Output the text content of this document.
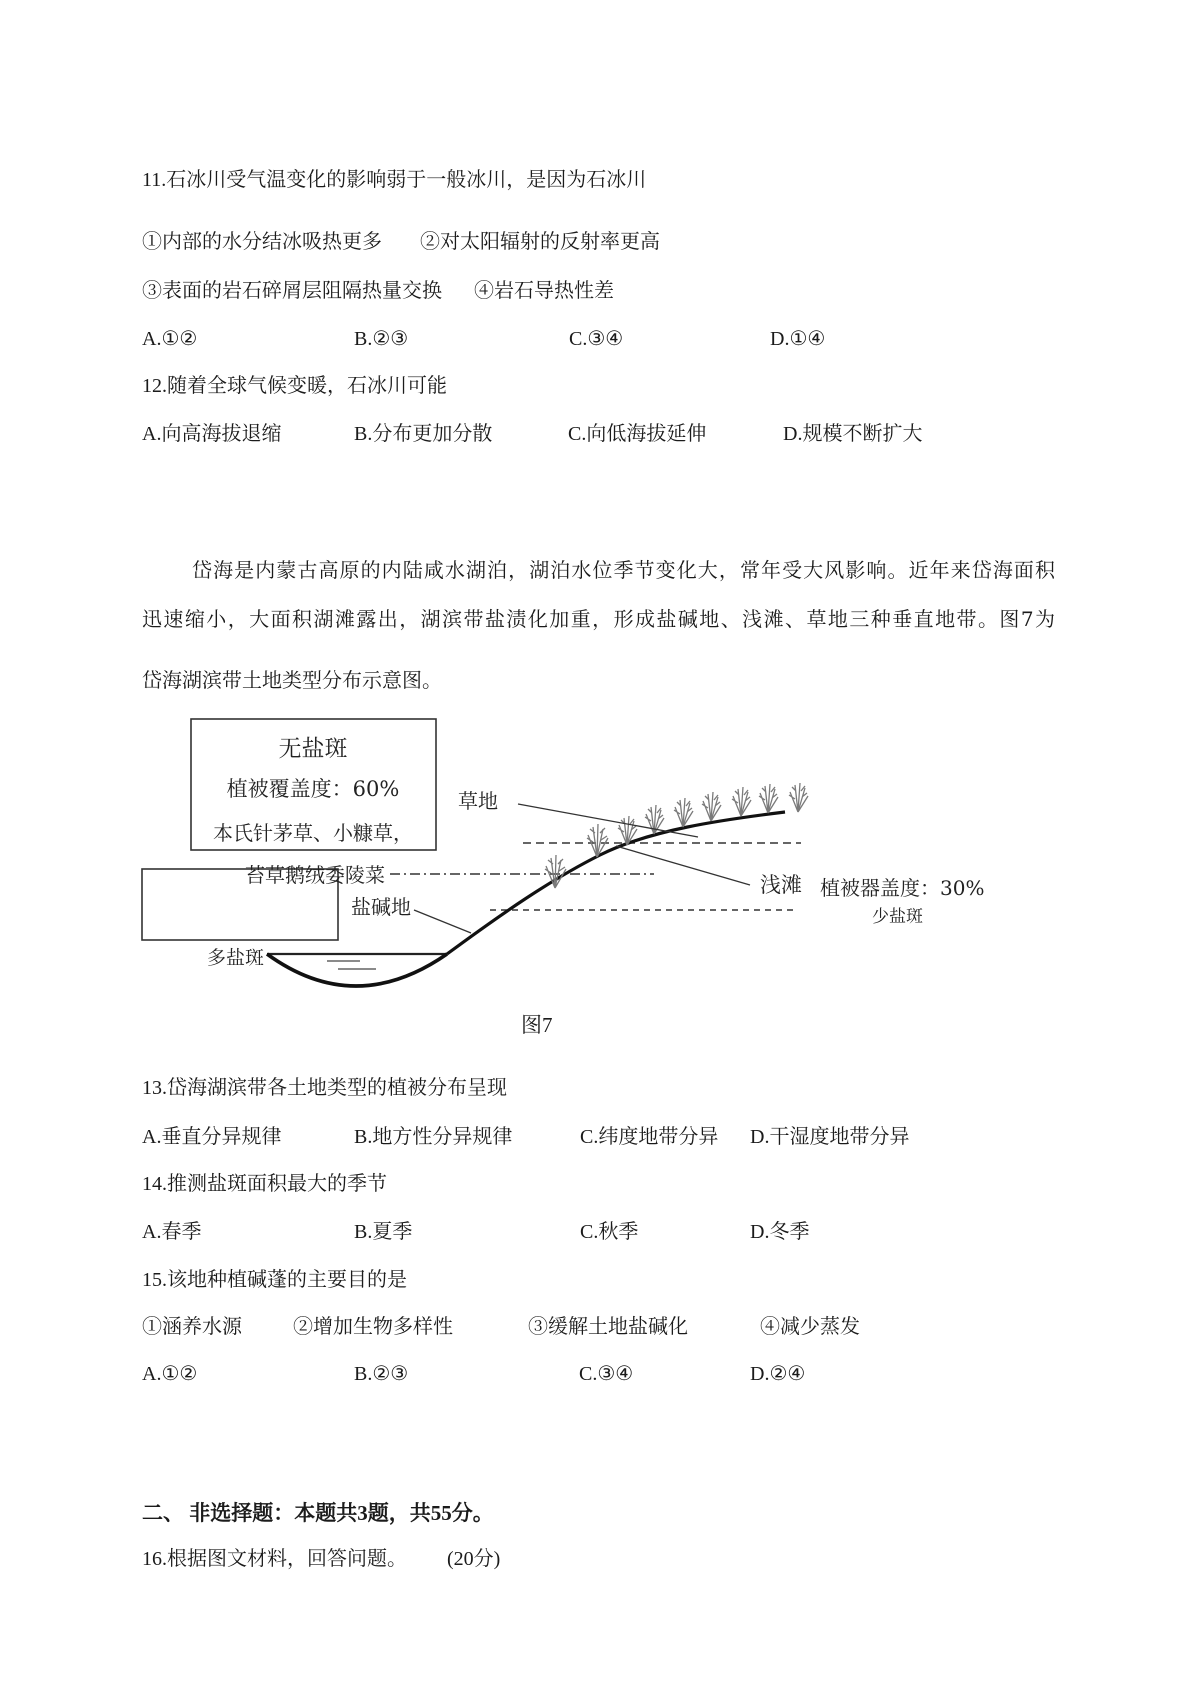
11.石冰川受气温变化的影响弱于一般冰川，是因为石冰川
①内部的水分结冰吸热更多 ②对太阳辐射的反射率更高
③表面的岩石碎屑层阻隔热量交换 ④岩石导热性差
A.①②	B.②③	C.③④	D.①④
12.随着全球气候变暖，石冰川可能
A.向高海拔退缩	B.分布更加分散	C.向低海拔延伸	D.规模不断扩大
岱海是内蒙古高原的内陆咸水湖泊，湖泊水位季节变化大，常年受大风影响。近年来岱海面积
迅速缩小，大面积湖滩露出，湖滨带盐渍化加重，形成盐碱地、浅滩、草地三种垂直地带。图7为
岱海湖滨带土地类型分布示意图。
无盐斑
植被覆盖度：60%
本氏针茅草、小糠草，
苔草鹅绒委陵菜
草地
盐碱地
多盐斑
浅滩 植被器盖度：30%
少盐斑
图7
13.岱海湖滨带各土地类型的植被分布呈现
A.垂直分异规律	B.地方性分异规律	C.纬度地带分异 D.干湿度地带分异
14.推测盐斑面积最大的季节
A.春季	B.夏季	C.秋季	D.冬季
15.该地种植碱蓬的主要目的是
①涵养水源	②增加生物多样性	③缓解土地盐碱化	④减少蒸发
A.①②	B.②③	C.③④	D.②④
二、 非选择题：本题共3题，共55分。
16.根据图文材料，回答问题。 (20分)
